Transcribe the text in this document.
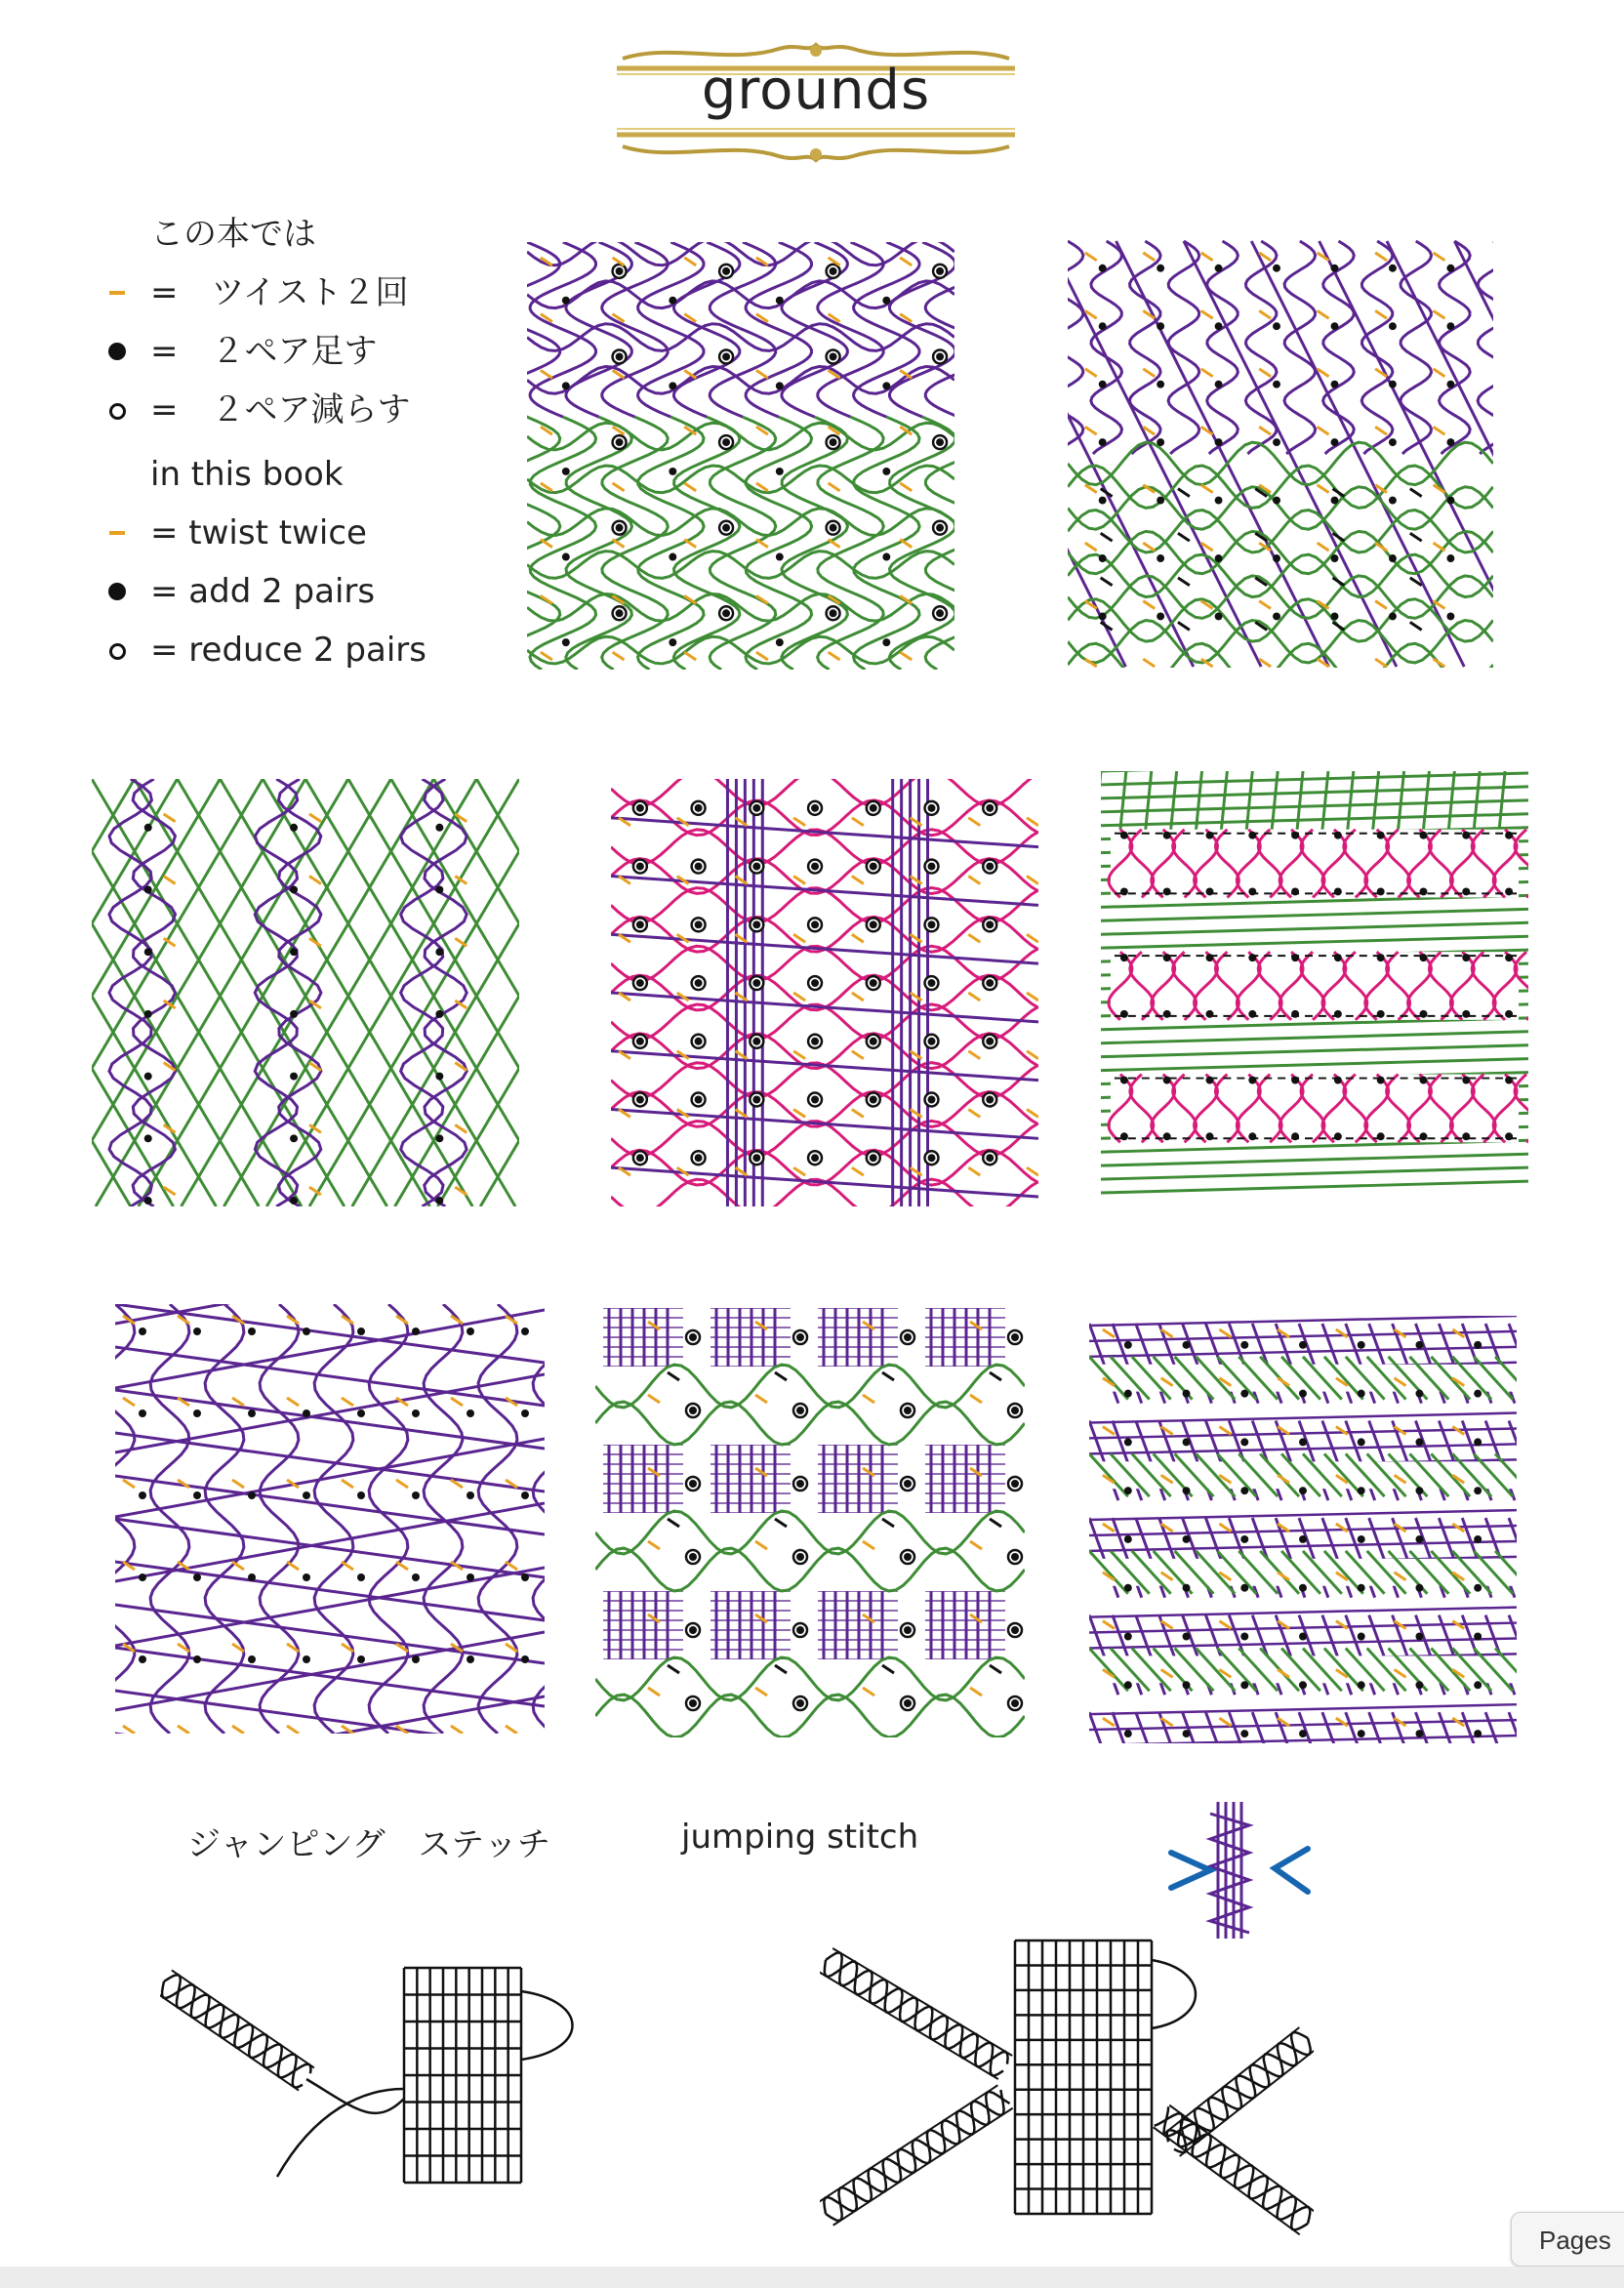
grounds
この本では
=　ツイスト２回
=　２ペア足す
=　２ペア減らす
in this book
= twist twice
= add 2 pairs
= reduce 2 pairs
ジャンピング　ステッチ	jumping stitch
Pages
